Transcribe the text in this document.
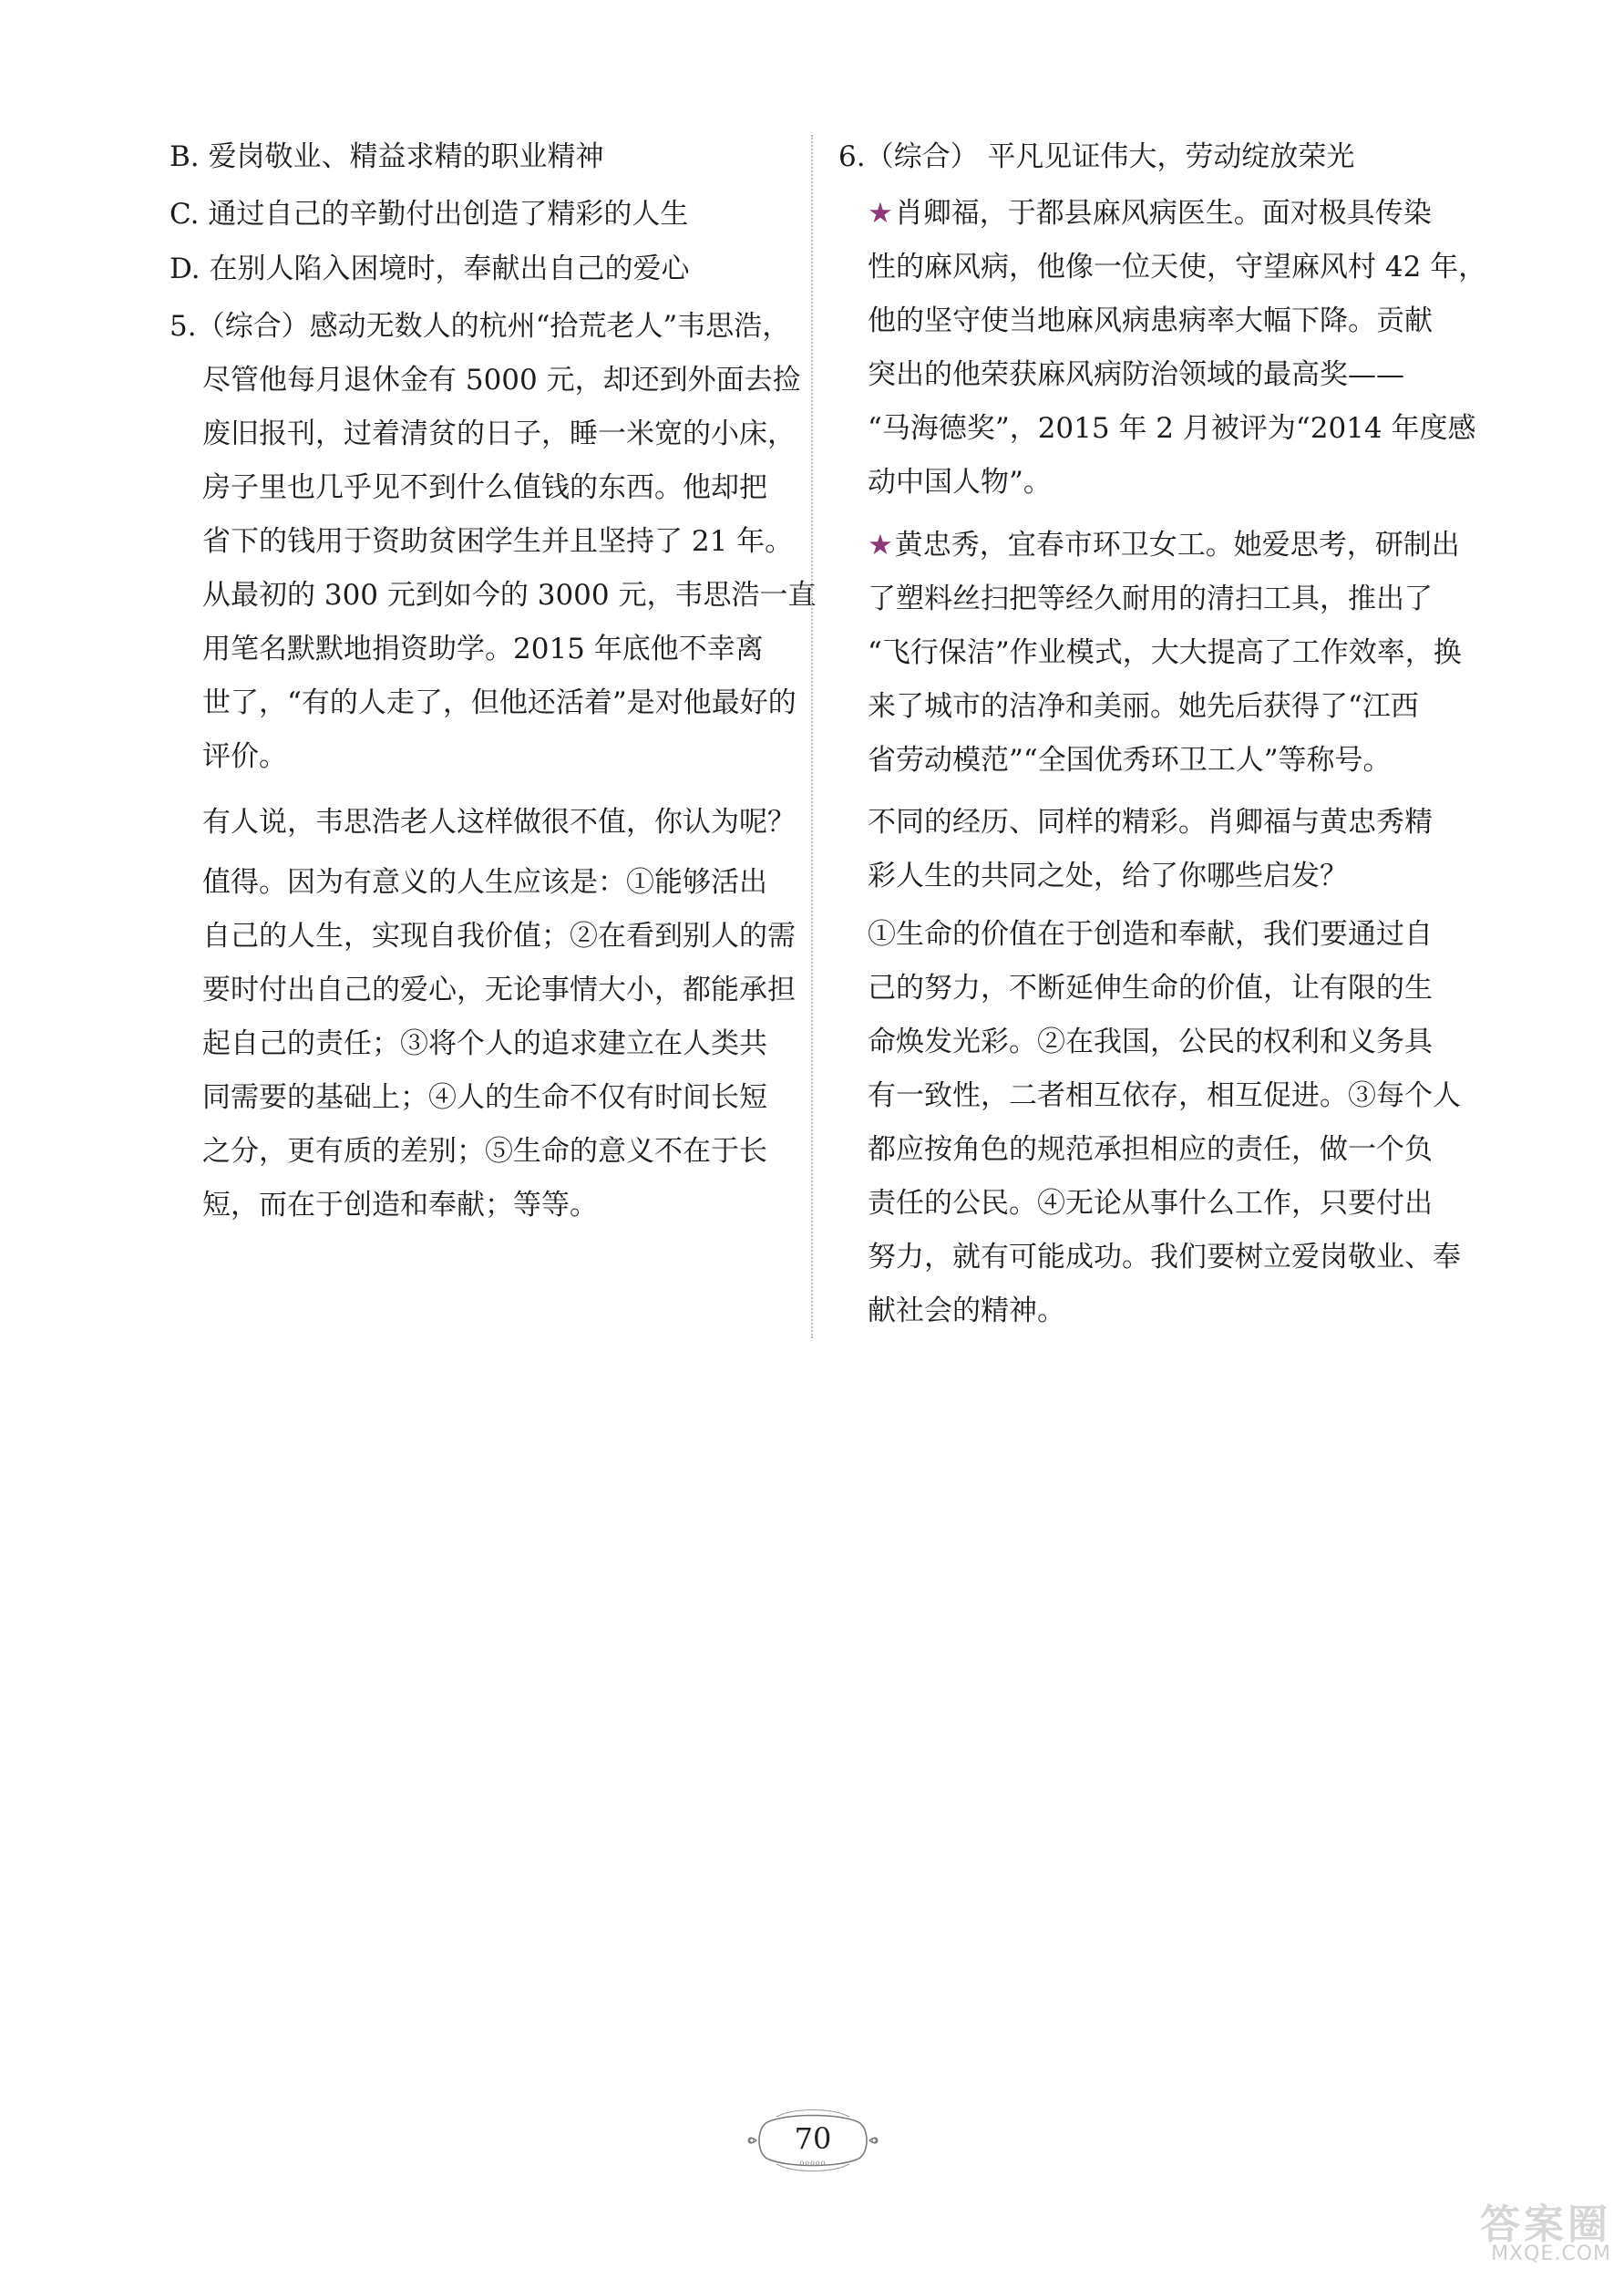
B. 爱岗敬业、精益求精的职业精神
C. 通过自己的辛勤付出创造了精彩的人生
D. 在别人陷入困境时，奉献出自己的爱心
5.（综合）感动无数人的杭州“拾荒老人”韦思浩，
尽管他每月退休金有 5000 元，却还到外面去捡
废旧报刊，过着清贫的日子，睡一米宽的小床，
房子里也几乎见不到什么值钱的东西。他却把
省下的钱用于资助贫困学生并且坚持了 21 年。
从最初的 300 元到如今的 3000 元，韦思浩一直
用笔名默默地捐资助学。2015 年底他不幸离
世了，“有的人走了，但他还活着”是对他最好的
评价。
有人说，韦思浩老人这样做很不值，你认为呢？
值得。因为有意义的人生应该是：①能够活出
自己的人生，实现自我价值；②在看到别人的需
要时付出自己的爱心，无论事情大小，都能承担
起自己的责任；③将个人的追求建立在人类共
同需要的基础上；④人的生命不仅有时间长短
之分，更有质的差别；⑤生命的意义不在于长
短，而在于创造和奉献；等等。
6.（综合） 平凡见证伟大，劳动绽放荣光
★肖卿福，于都县麻风病医生。面对极具传染
性的麻风病，他像一位天使，守望麻风村 42 年，
他的坚守使当地麻风病患病率大幅下降。贡献
突出的他荣获麻风病防治领域的最高奖——
“马海德奖”，2015 年 2 月被评为“2014 年度感
动中国人物”。
★黄忠秀，宜春市环卫女工。她爱思考，研制出
了塑料丝扫把等经久耐用的清扫工具，推出了
“飞行保洁”作业模式，大大提高了工作效率，换
来了城市的洁净和美丽。她先后获得了“江西
省劳动模范”“全国优秀环卫工人”等称号。
不同的经历、同样的精彩。肖卿福与黄忠秀精
彩人生的共同之处，给了你哪些启发？
①生命的价值在于创造和奉献，我们要通过自
己的努力，不断延伸生命的价值，让有限的生
命焕发光彩。②在我国，公民的权利和义务具
有一致性，二者相互依存，相互促进。③每个人
都应按角色的规范承担相应的责任，做一个负
责任的公民。④无论从事什么工作，只要付出
努力，就有可能成功。我们要树立爱岗敬业、奉
献社会的精神。
70
ooooo
答案圈
MXQE.COM
